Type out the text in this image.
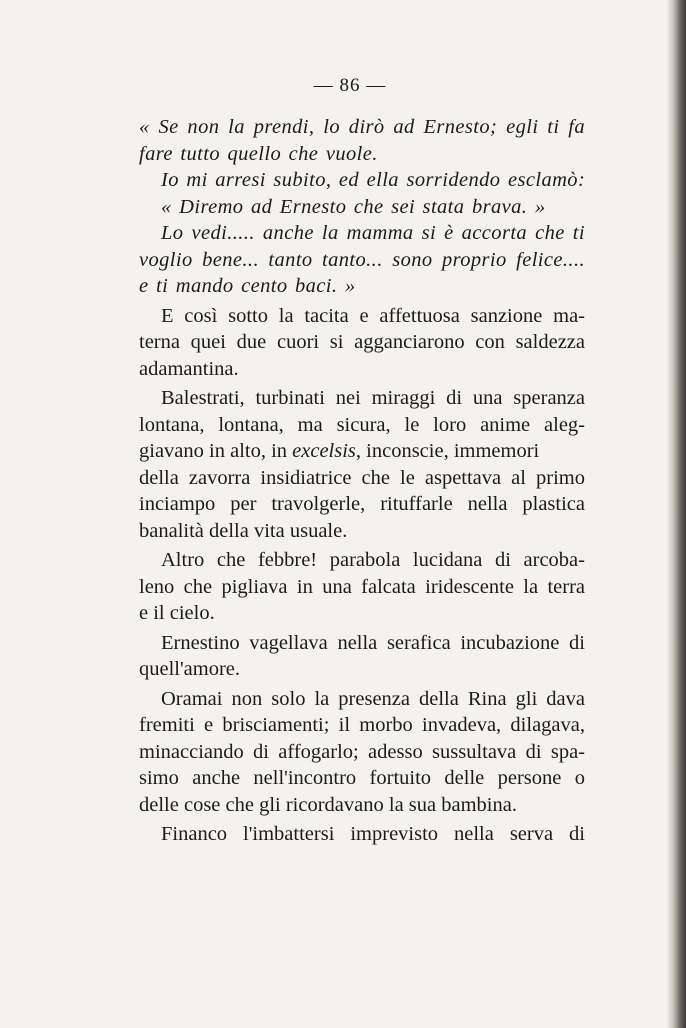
— 86 —
« Se non la prendi, lo dirò ad Ernesto; egli ti fa
fare tutto quello che vuole.
Io mi arresi subito, ed ella sorridendo esclamò:
« Diremo ad Ernesto che sei stata brava. »
Lo vedi..... anche la mamma si è accorta che ti
voglio bene... tanto tanto... sono proprio felice....
e ti mando cento baci. »
E così sotto la tacita e affettuosa sanzione ma-
terna quei due cuori si agganciarono con saldezza
adamantina.
Balestrati, turbinati nei miraggi di una speranza
lontana, lontana, ma sicura, le loro anime aleg-
giavano in alto, in excelsis, inconscie, immemori
della zavorra insidiatrice che le aspettava al primo
inciampo per travolgerle, rituffarle nella plastica
banalità della vita usuale.
Altro che febbre! parabola lucidana di arcoba-
leno che pigliava in una falcata iridescente la terra
e il cielo.
Ernestino vagellava nella serafica incubazione di
quell'amore.
Oramai non solo la presenza della Rina gli dava
fremiti e brisciamenti; il morbo invadeva, dilagava,
minacciando di affogarlo; adesso sussultava di spa-
simo anche nell'incontro fortuito delle persone o
delle cose che gli ricordavano la sua bambina.
Financo l'imbattersi imprevisto nella serva di
